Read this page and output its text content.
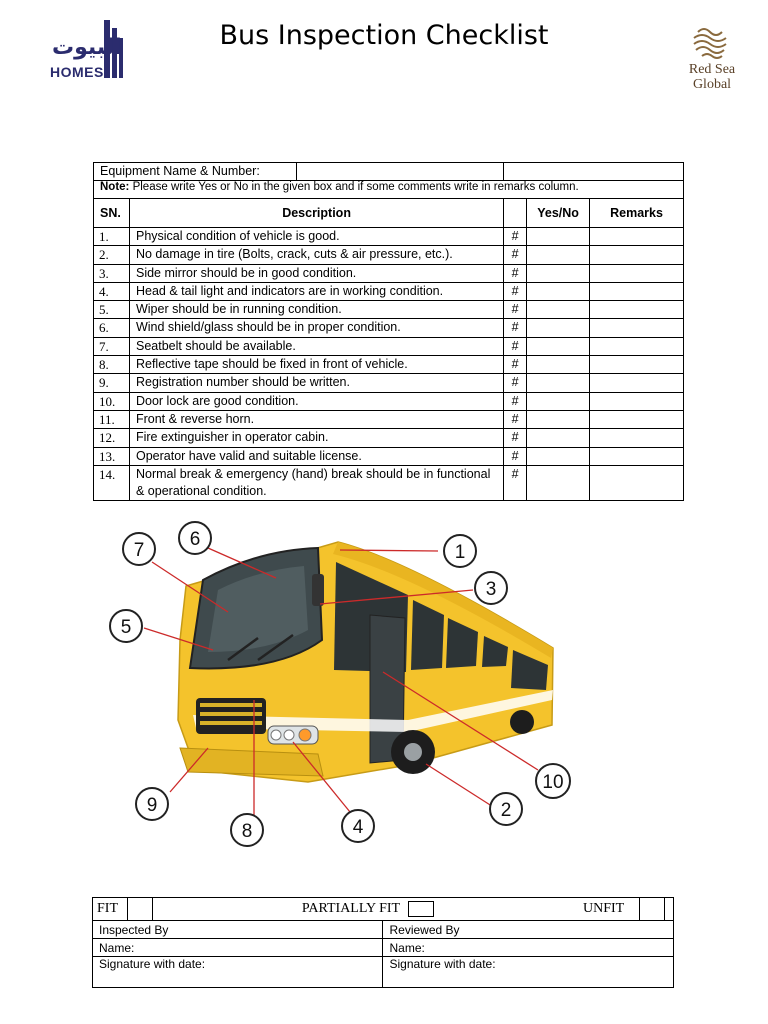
البيوت
HOMES
Bus Inspection Checklist
Red Sea
Global
Equipment Name & Number:				

Note: Please write Yes or No in the given box and if some comments write in remarks column.				
SN.	Description		Yes/No	Remarks
1.	Physical condition of vehicle is good.	#		
2.	No damage in tire (Bolts, crack, cuts & air pressure, etc.).	#		
3.	Side mirror should be in good condition.	#		
4.	Head & tail light and indicators are in working condition.	#		
5.	Wiper should be in running condition.	#		
6.	Wind shield/glass should be in proper condition.	#		
7.	Seatbelt should be available.	#		
8.	Reflective tape should be fixed in front of vehicle.	#		
9.	Registration number should be written.	#		
10.	Door lock are good condition.	#		
11.	Front & reverse horn.	#		
12.	Fire extinguisher in operator cabin.	#		
13.	Operator have valid and suitable license.	#		
14.	Normal break & emergency (hand) break should be in functional & operational condition.	#		
1
2
3
4
5
6
7
8
9
10
FIT PARTIALLY FIT UNFIT	

Inspected By	Reviewed By
Name:	Name:
Signature with date:	Signature with date:
